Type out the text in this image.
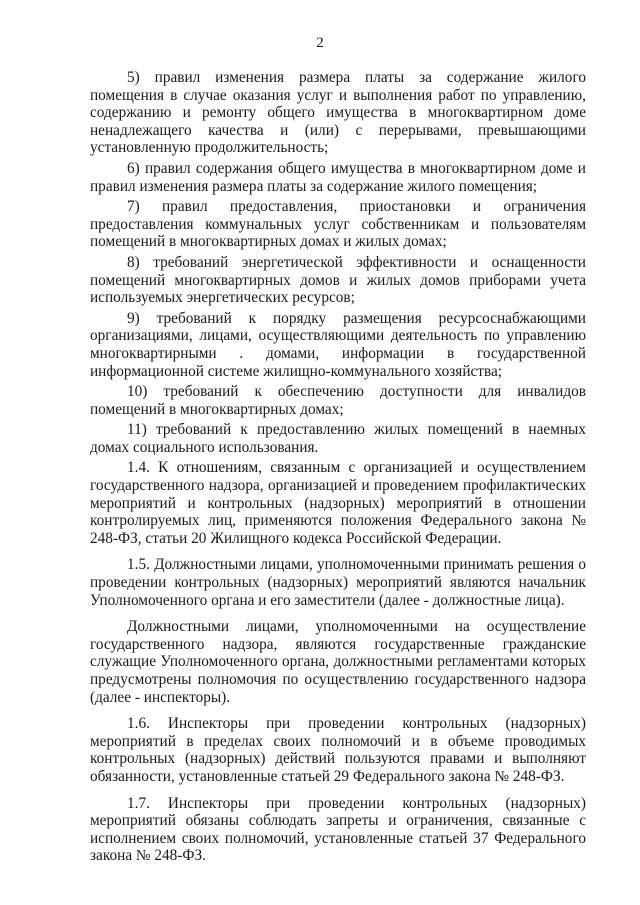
2

5) правил изменения размера платы за содержание жилого помещения в случае оказания услуг и выполнения работ по управлению, содержанию и ремонту общего имущества в многоквартирном доме ненадлежащего качества и (или) с перерывами, превышающими установленную продолжительность;

6) правил содержания общего имущества в многоквартирном доме и правил изменения размера платы за содержание жилого помещения;

7) правил предоставления, приостановки и ограничения предоставления коммунальных услуг собственникам и пользователям помещений в многоквартирных домах и жилых домах;

8) требований энергетической эффективности и оснащенности помещений многоквартирных домов и жилых домов приборами учета используемых энергетических ресурсов;

9) требований к порядку размещения ресурсоснабжающими организациями, лицами, осуществляющими деятельность по управлению многоквартирными . домами, информации в государственной информационной системе жилищно-коммунального хозяйства;

10) требований к обеспечению доступности для инвалидов помещений в многоквартирных домах;

11) требований к предоставлению жилых помещений в наемных домах социального использования.

1.4. К отношениям, связанным с организацией и осуществлением государственного надзора, организацией и проведением профилактических мероприятий и контрольных (надзорных) мероприятий в отношении контролируемых лиц, применяются положения Федерального закона № 248-ФЗ, статьи 20 Жилищного кодекса Российской Федерации.

1.5. Должностными лицами, уполномоченными принимать решения о проведении контрольных (надзорных) мероприятий являются начальник Уполномоченного органа и его заместители (далее - должностные лица).

Должностными лицами, уполномоченными на осуществление государственного надзора, являются государственные гражданские служащие Уполномоченного органа, должностными регламентами которых предусмотрены полномочия по осуществлению государственного надзора (далее - инспекторы).

1.6. Инспекторы при проведении контрольных (надзорных) мероприятий в пределах своих полномочий и в объеме проводимых контрольных (надзорных) действий пользуются правами и выполняют обязанности, установленные статьей 29 Федерального закона № 248-ФЗ.

1.7. Инспекторы при проведении контрольных (надзорных) мероприятий обязаны соблюдать запреты и ограничения, связанные с исполнением своих полномочий, установленные статьей 37 Федерального закона № 248-ФЗ.
